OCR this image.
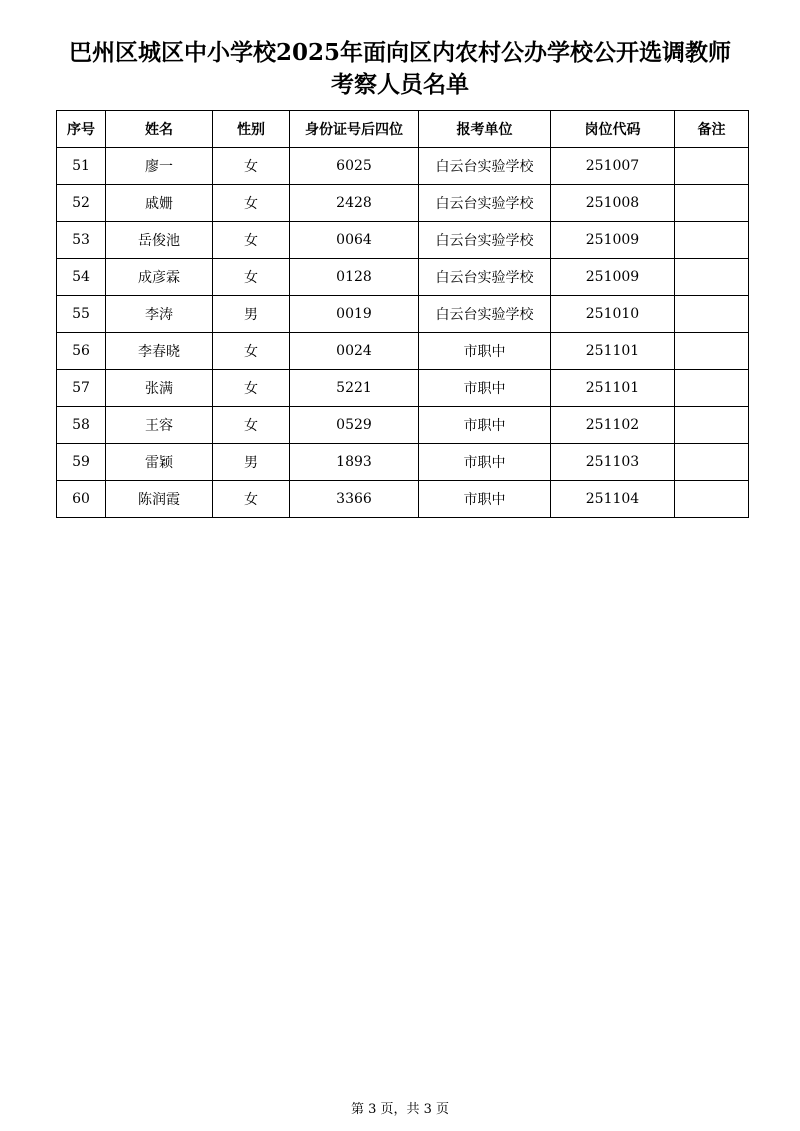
巴州区城区中小学校2025年面向区内农村公办学校公开选调教师
考察人员名单
序号	姓名	性别	身份证号后四位	报考单位	岗位代码	备注
51	廖一	女	6025	白云台实验学校	251007	
52	戚姗	女	2428	白云台实验学校	251008	
53	岳俊池	女	0064	白云台实验学校	251009	
54	成彦霖	女	0128	白云台实验学校	251009	
55	李涛	男	0019	白云台实验学校	251010	
56	李春晓	女	0024	市职中	251101	
57	张满	女	5221	市职中	251101	
58	王容	女	0529	市职中	251102	
59	雷颖	男	1893	市职中	251103	
60	陈润霞	女	3366	市职中	251104	
第 3 页，共 3 页
